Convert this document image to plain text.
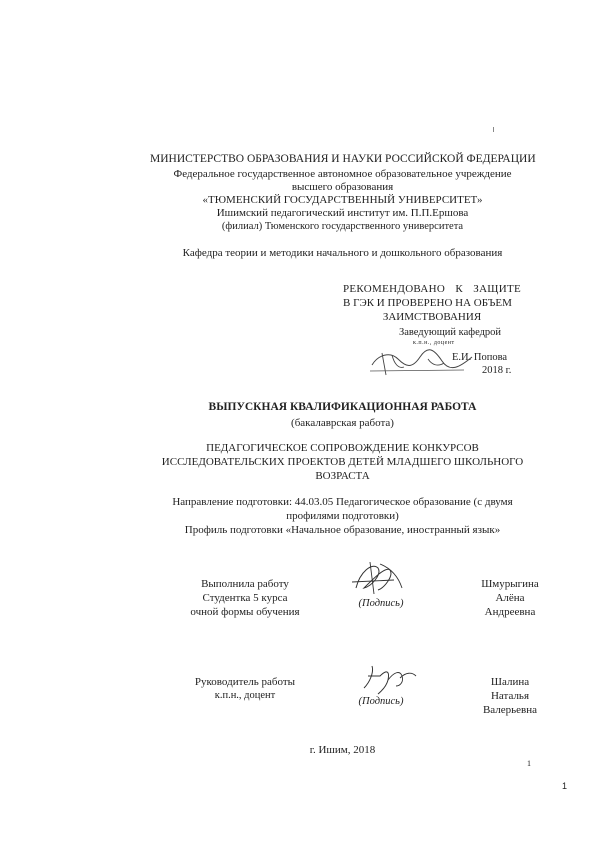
МИНИСТЕРСТВО ОБРАЗОВАНИЯ И НАУКИ РОССИЙСКОЙ ФЕДЕРАЦИИ
Федеральное государственное автономное образовательное учреждение
высшего образования
«ТЮМЕНСКИЙ ГОСУДАРСТВЕННЫЙ УНИВЕРСИТЕТ»
Ишимский педагогический институт им. П.П.Ершова
(филиал) Тюменского государственного университета
Кафедра теории и методики начального и дошкольного образования
РЕКОМЕНДОВАНО К ЗАЩИТЕ
В ГЭК И ПРОВЕРЕНО НА ОБЪЕМ
ЗАИМСТВОВАНИЯ
Заведующий кафедрой
к.п.н., доцент
Е.И. Попова
2018 г.
ВЫПУСКНАЯ КВАЛИФИКАЦИОННАЯ РАБОТА
(бакалаврская работа)
ПЕДАГОГИЧЕСКОЕ СОПРОВОЖДЕНИЕ КОНКУРСОВ
ИССЛЕДОВАТЕЛЬСКИХ ПРОЕКТОВ ДЕТЕЙ МЛАДШЕГО ШКОЛЬНОГО
ВОЗРАСТА
Направление подготовки: 44.03.05 Педагогическое образование (с двумя
профилями подготовки)
Профиль подготовки «Начальное образование, иностранный язык»
Выполнила работу
Студентка 5 курса
очной формы обучения
(Подпись)
Шмурыгина
Алёна
Андреевна
Руководитель работы
к.п.н., доцент
(Подпись)
Шалина
Наталья
Валерьевна
г. Ишим, 2018
1
1
